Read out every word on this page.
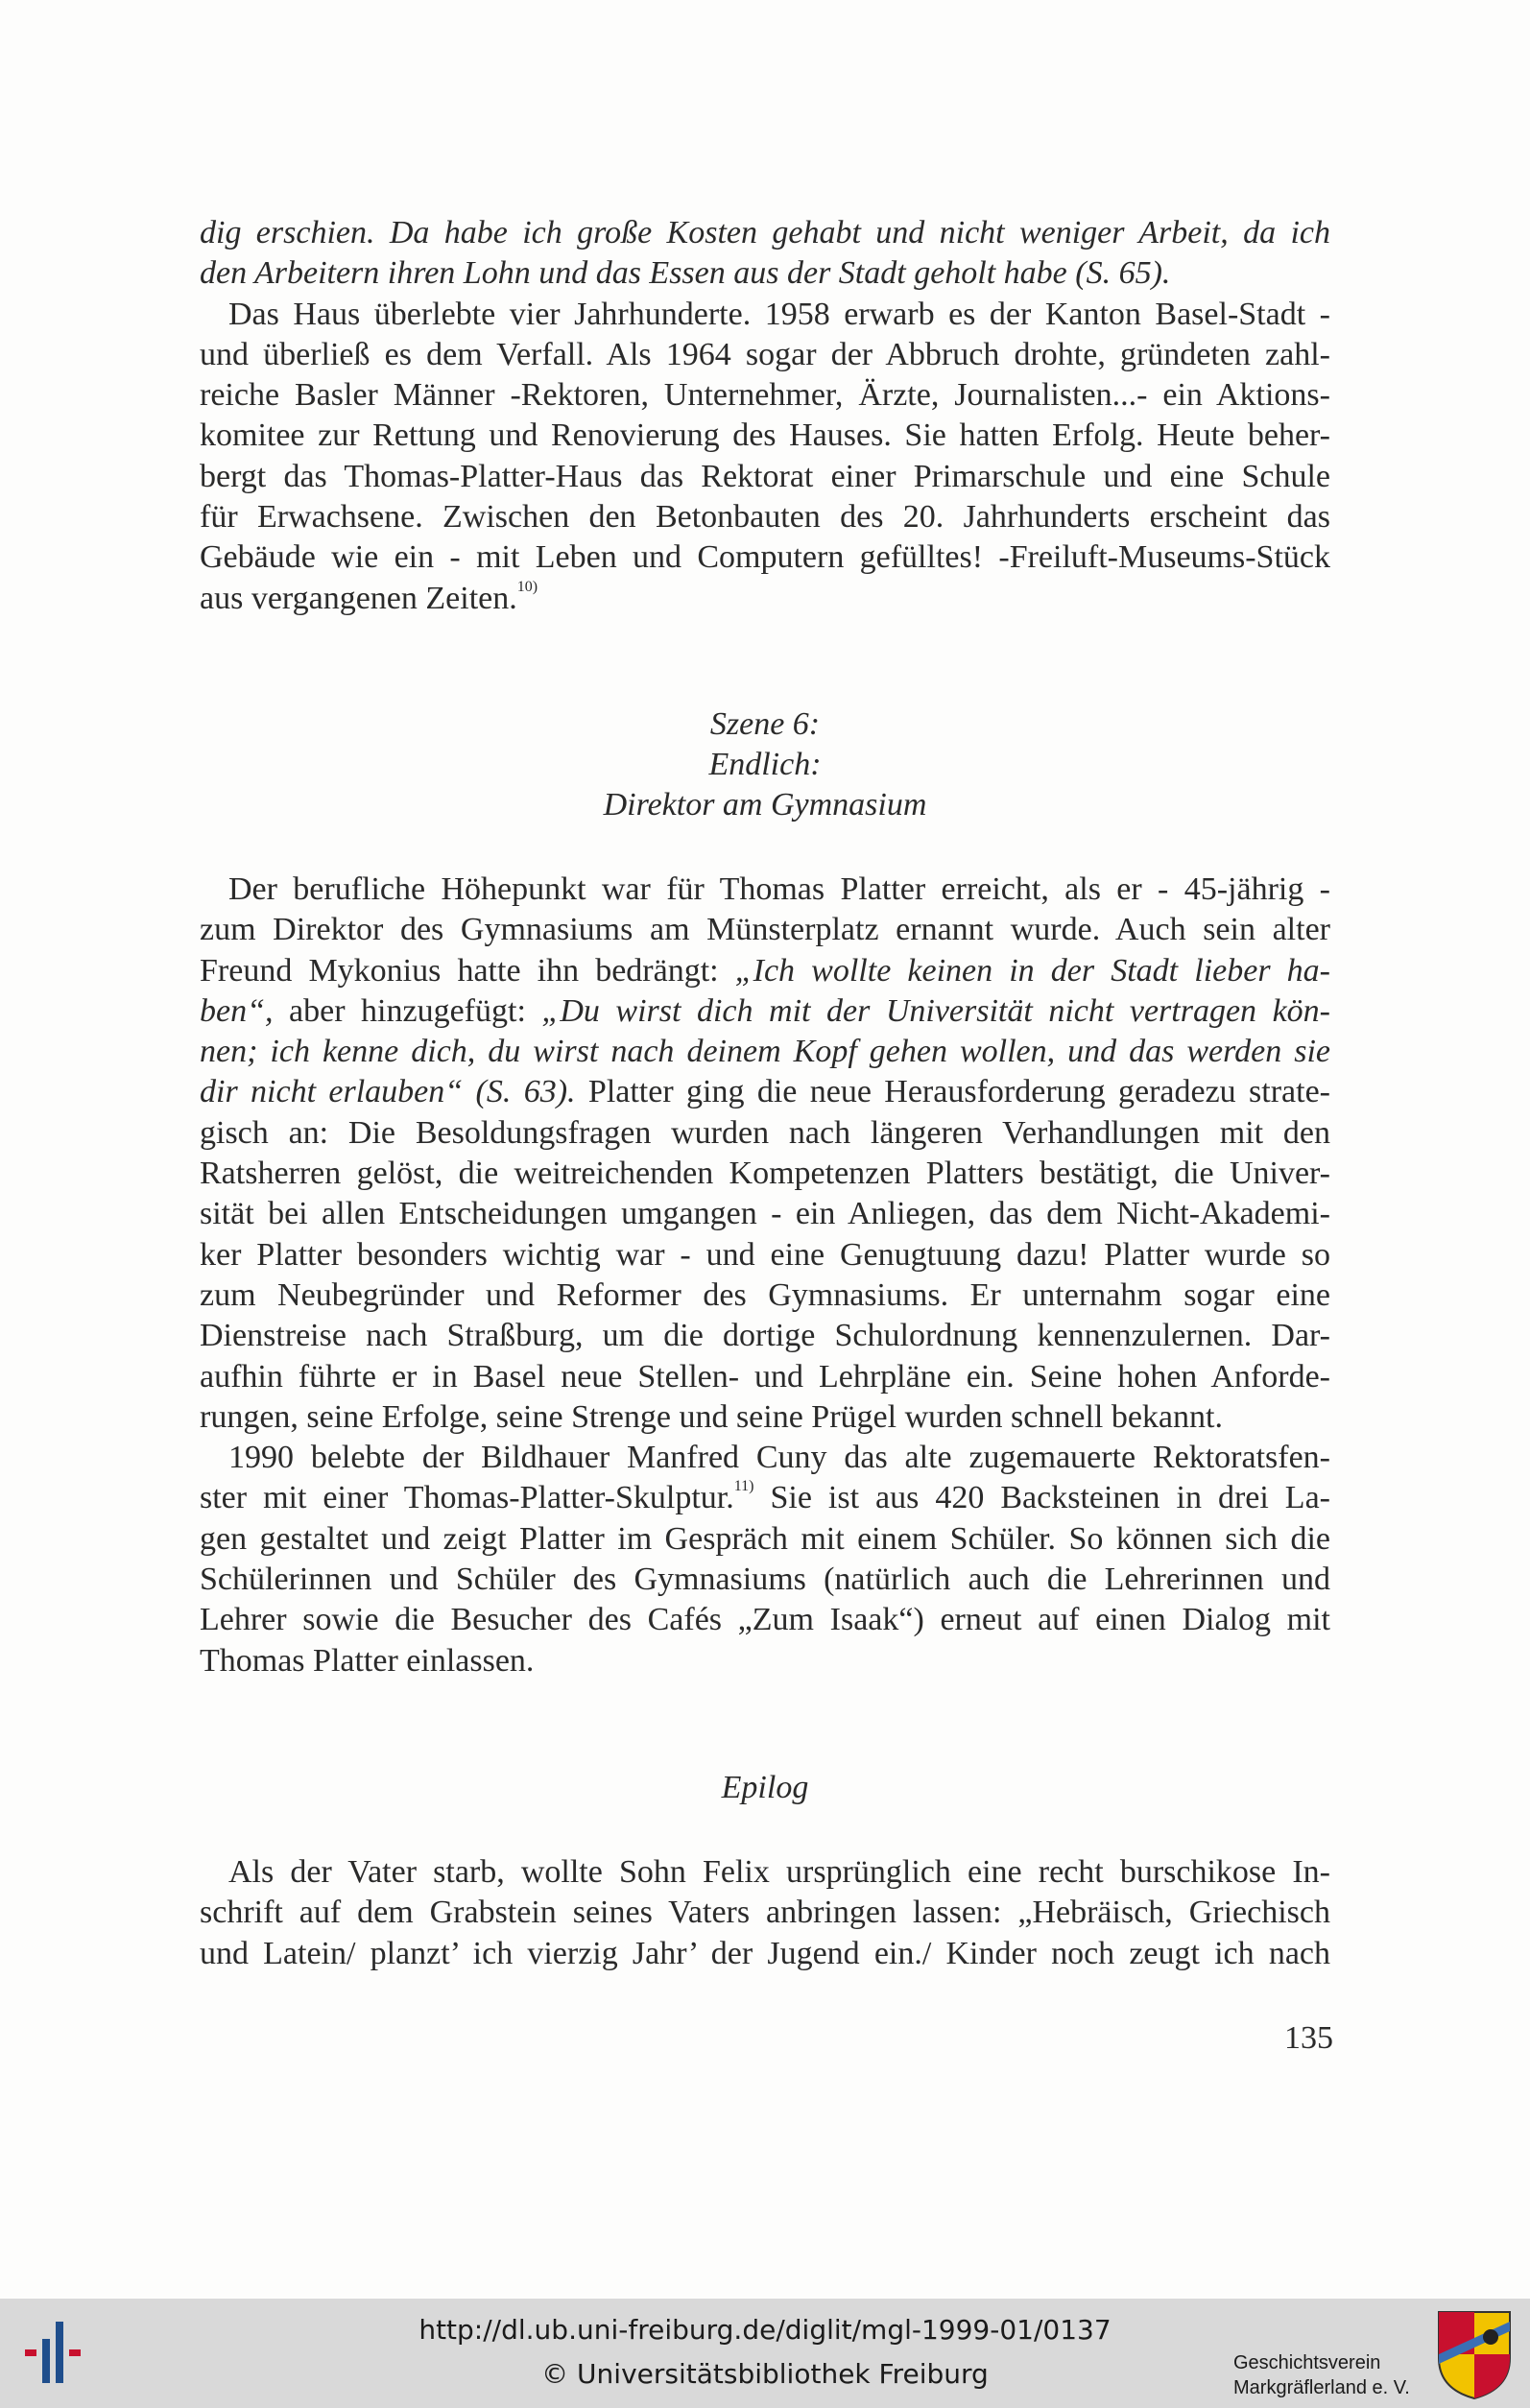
dig erschien. Da habe ich große Kosten gehabt und nicht weniger Arbeit, da ich
den Arbeitern ihren Lohn und das Essen aus der Stadt geholt habe (S. 65).
Das Haus überlebte vier Jahrhunderte. 1958 erwarb es der Kanton Basel-Stadt -
und überließ es dem Verfall. Als 1964 sogar der Abbruch drohte, gründeten zahl-
reiche Basler Männer -Rektoren, Unternehmer, Ärzte, Journalisten...- ein Aktions-
komitee zur Rettung und Renovierung des Hauses. Sie hatten Erfolg. Heute beher-
bergt das Thomas-Platter-Haus das Rektorat einer Primarschule und eine Schule
für Erwachsene. Zwischen den Betonbauten des 20. Jahrhunderts erscheint das
Gebäude wie ein - mit Leben und Computern gefülltes! -Freiluft-Museums-Stück
aus vergangenen Zeiten.$^{10)}$
Szene 6:
Endlich:
Direktor am Gymnasium
Der berufliche Höhepunkt war für Thomas Platter erreicht, als er - 45-jährig -
zum Direktor des Gymnasiums am Münsterplatz ernannt wurde. Auch sein alter
Freund Mykonius hatte ihn bedrängt: „Ich wollte keinen in der Stadt lieber ha-
ben“, aber hinzugefügt: „Du wirst dich mit der Universität nicht vertragen kön-
nen; ich kenne dich, du wirst nach deinem Kopf gehen wollen, und das werden sie
dir nicht erlauben“ (S. 63). Platter ging die neue Herausforderung geradezu strate-
gisch an: Die Besoldungsfragen wurden nach längeren Verhandlungen mit den
Ratsherren gelöst, die weitreichenden Kompetenzen Platters bestätigt, die Univer-
sität bei allen Entscheidungen umgangen - ein Anliegen, das dem Nicht-Akademi-
ker Platter besonders wichtig war - und eine Genugtuung dazu! Platter wurde so
zum Neubegründer und Reformer des Gymnasiums. Er unternahm sogar eine
Dienstreise nach Straßburg, um die dortige Schulordnung kennenzulernen. Dar-
aufhin führte er in Basel neue Stellen- und Lehrpläne ein. Seine hohen Anforde-
rungen, seine Erfolge, seine Strenge und seine Prügel wurden schnell bekannt.
1990 belebte der Bildhauer Manfred Cuny das alte zugemauerte Rektoratsfen-
ster mit einer Thomas-Platter-Skulptur.$^{11)}$ Sie ist aus 420 Backsteinen in drei La-
gen gestaltet und zeigt Platter im Gespräch mit einem Schüler. So können sich die
Schülerinnen und Schüler des Gymnasiums (natürlich auch die Lehrerinnen und
Lehrer sowie die Besucher des Cafés „Zum Isaak“) erneut auf einen Dialog mit
Thomas Platter einlassen.
Epilog
Als der Vater starb, wollte Sohn Felix ursprünglich eine recht burschikose In-
schrift auf dem Grabstein seines Vaters anbringen lassen: „Hebräisch, Griechisch
und Latein/ planzt’ ich vierzig Jahr’ der Jugend ein./ Kinder noch zeugt ich nach
135
http://dl.ub.uni-freiburg.de/diglit/mgl-1999-01/0137
© Universitätsbibliothek Freiburg	Geschichtsverein
Markgräflerland e. V.
